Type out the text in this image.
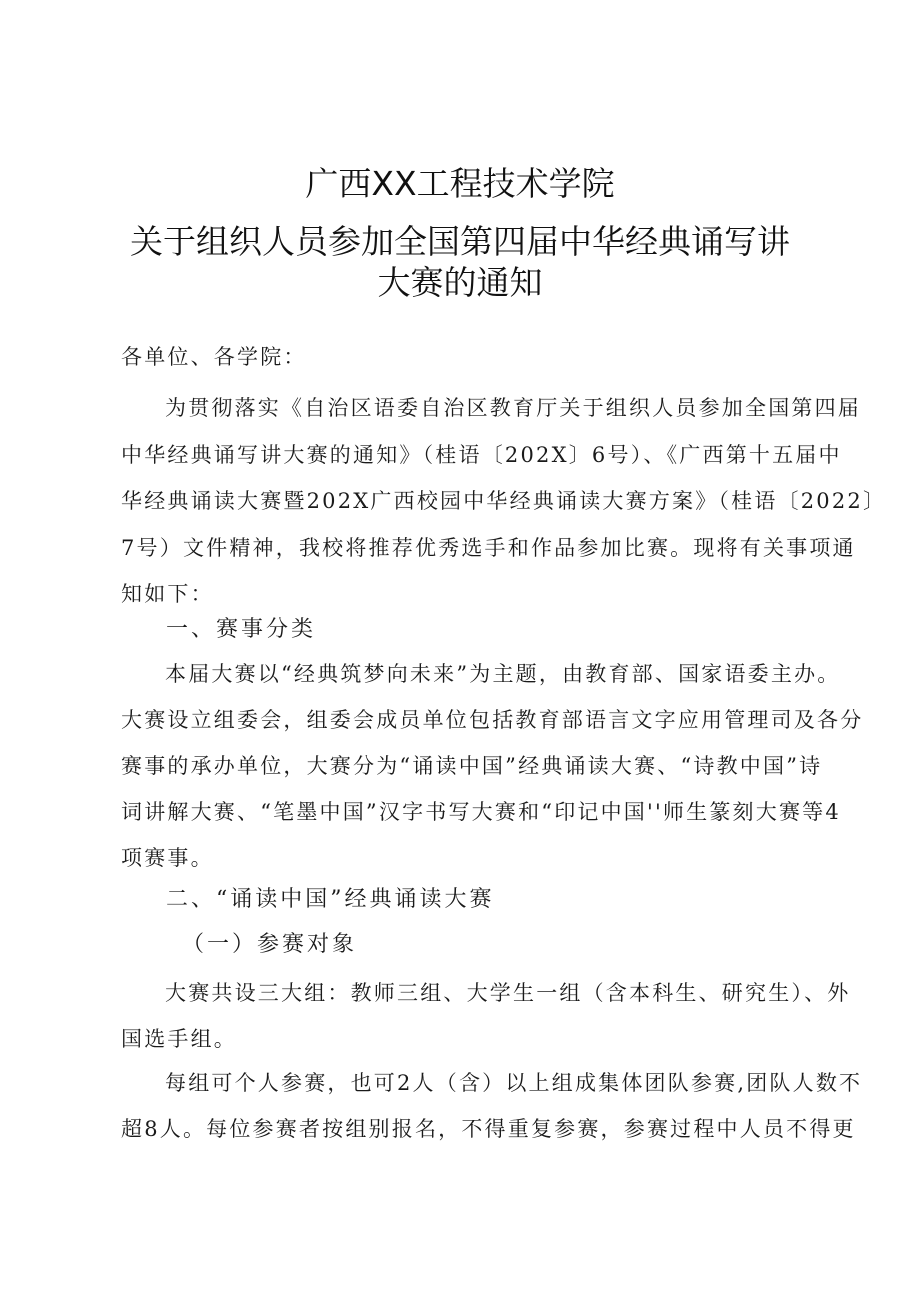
广西XX工程技术学院
关于组织人员参加全国第四届中华经典诵写讲
大赛的通知
各单位、各学院：
为贯彻落实《自治区语委自治区教育厅关于组织人员参加全国第四届
中华经典诵写讲大赛的通知》（桂语〔202X〕6号）、《广西第十五届中
华经典诵读大赛暨202X广西校园中华经典诵读大赛方案》（桂语〔2022〕
7号）文件精神，我校将推荐优秀选手和作品参加比赛。现将有关事项通
知如下：
一、赛事分类
本届大赛以“经典筑梦向未来”为主题，由教育部、国家语委主办。
大赛设立组委会，组委会成员单位包括教育部语言文字应用管理司及各分
赛事的承办单位，大赛分为“诵读中国”经典诵读大赛、“诗教中国”诗
词讲解大赛、“笔墨中国”汉字书写大赛和“印记中国''师生篆刻大赛等4
项赛事。
二、“诵读中国”经典诵读大赛
（一）参赛对象
大赛共设三大组：教师三组、大学生一组（含本科生、研究生）、外
国选手组。
每组可个人参赛，也可2人（含）以上组成集体团队参赛,团队人数不
超8人。每位参赛者按组别报名，不得重复参赛，参赛过程中人员不得更
